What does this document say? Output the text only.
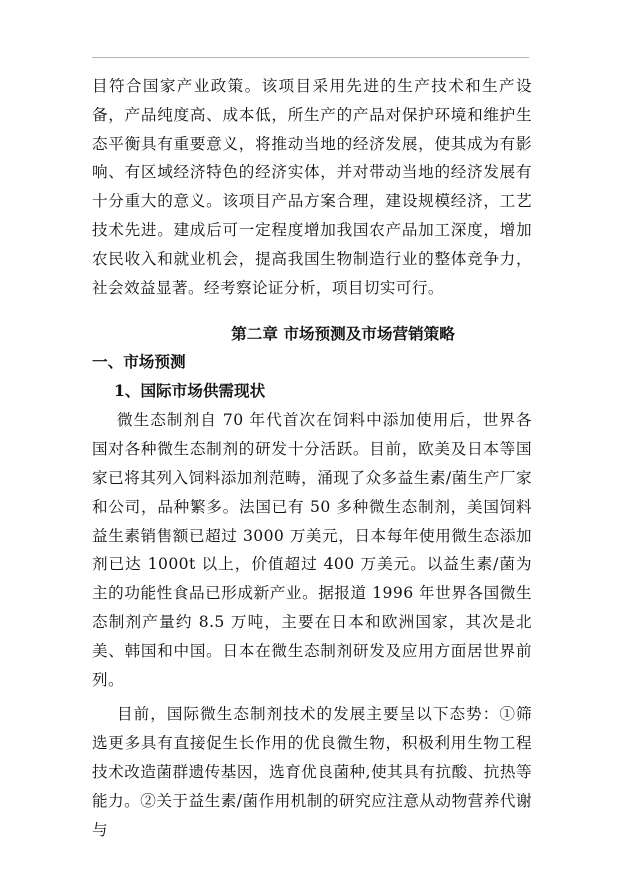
目符合国家产业政策。该项目采用先进的生产技术和生产设备，产品纯度高、成本低，所生产的产品对保护环境和维护生态平衡具有重要意义，将推动当地的经济发展，使其成为有影响、有区域经济特色的经济实体，并对带动当地的经济发展有十分重大的意义。该项目产品方案合理，建设规模经济，工艺技术先进。建成后可一定程度增加我国农产品加工深度，增加农民收入和就业机会，提高我国生物制造行业的整体竞争力，社会效益显著。经考察论证分析，项目切实可行。

第二章 市场预测及市场营销策略
一、市场预测
1、国际市场供需现状

微生态制剂自 70 年代首次在饲料中添加使用后，世界各国对各种微生态制剂的研发十分活跃。目前，欧美及日本等国家已将其列入饲料添加剂范畴，涌现了众多益生素/菌生产厂家和公司，品种繁多。法国已有 50 多种微生态制剂，美国饲料益生素销售额已超过 3000 万美元，日本每年使用微生态添加剂已达 1000t 以上，价值超过 400 万美元。以益生素/菌为主的功能性食品已形成新产业。据报道 1996 年世界各国微生态制剂产量约 8.5 万吨，主要在日本和欧洲国家，其次是北美、韩国和中国。日本在微生态制剂研发及应用方面居世界前列。

目前，国际微生态制剂技术的发展主要呈以下态势：①筛选更多具有直接促生长作用的优良微生物，积极利用生物工程技术改造菌群遗传基因，选育优良菌种,使其具有抗酸、抗热等能力。②关于益生素/菌作用机制的研究应注意从动物营养代谢与
